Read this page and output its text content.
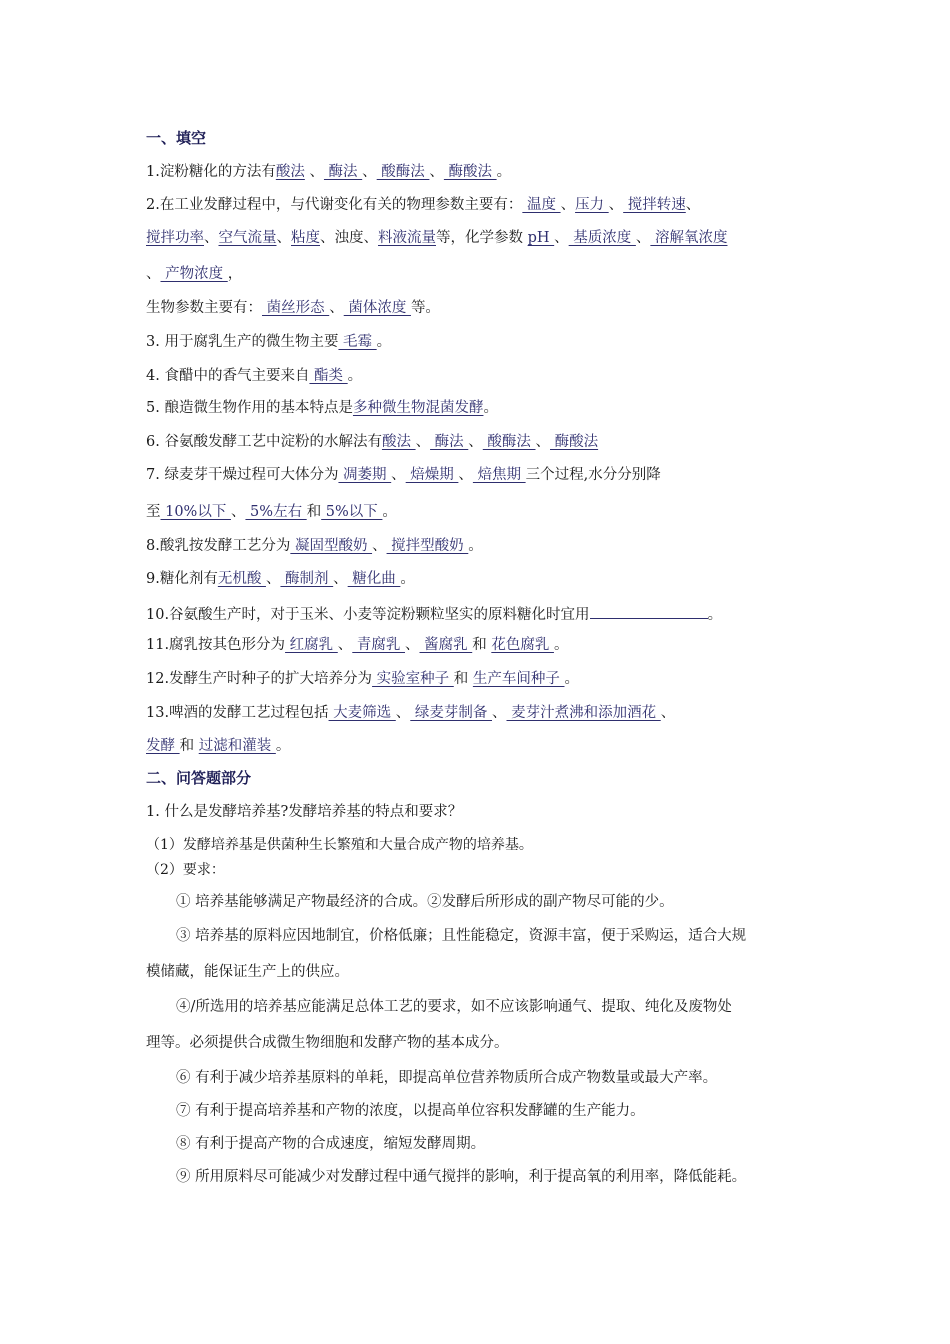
一、填空
1.淀粉糖化的方法有酸法 、 酶法 、 酸酶法 、 酶酸法 。
2.在工业发酵过程中，与代谢变化有关的物理参数主要有： 温度 、压力 、 搅拌转速、
搅拌功率、空气流量、粘度、浊度、料液流量等，化学参数 pH 、 基质浓度 、 溶解氧浓度
、 产物浓度 ，
生物参数主要有： 菌丝形态 、 菌体浓度 等。
3. 用于腐乳生产的微生物主要 毛霉 。
4. 食醋中的香气主要来自 酯类 。
5. 酿造微生物作用的基本特点是多种微生物混菌发酵。
6. 谷氨酸发酵工艺中淀粉的水解法有酸法 、 酶法 、 酸酶法 、 酶酸法
7. 绿麦芽干燥过程可大体分为 凋萎期 、 焙燥期 、 焙焦期 三个过程,水分分别降
至 10%以下 、 5%左右 和 5%以下 。
8.酸乳按发酵工艺分为 凝固型酸奶 、 搅拌型酸奶 。
9.糖化剂有无机酸 、 酶制剂 、 糖化曲 。
10.谷氨酸生产时，对于玉米、小麦等淀粉颗粒坚实的原料糖化时宜用	。
11.腐乳按其色形分为 红腐乳 、 青腐乳 、 酱腐乳 和 花色腐乳 。
12.发酵生产时种子的扩大培养分为 实验室种子 和 生产车间种子 。
13.啤酒的发酵工艺过程包括 大麦筛选 、 绿麦芽制备 、 麦芽汁煮沸和添加酒花 、
发酵 和 过滤和灌装 。
二、问答题部分
1. 什么是发酵培养基?发酵培养基的特点和要求？
（1）发酵培养基是供菌种生长繁殖和大量合成产物的培养基。
（2）要求：
① 培养基能够满足产物最经济的合成。②发酵后所形成的副产物尽可能的少。
③ 培养基的原料应因地制宜，价格低廉；且性能稳定，资源丰富，便于采购运，适合大规
模储藏，能保证生产上的供应。
④/所选用的培养基应能满足总体工艺的要求，如不应该影响通气、提取、纯化及废物处
理等。必须提供合成微生物细胞和发酵产物的基本成分。
⑥ 有利于减少培养基原料的单耗，即提高单位营养物质所合成产物数量或最大产率。
⑦ 有利于提高培养基和产物的浓度，以提高单位容积发酵罐的生产能力。
⑧ 有利于提高产物的合成速度，缩短发酵周期。
⑨ 所用原料尽可能减少对发酵过程中通气搅拌的影响，利于提高氧的利用率，降低能耗。
